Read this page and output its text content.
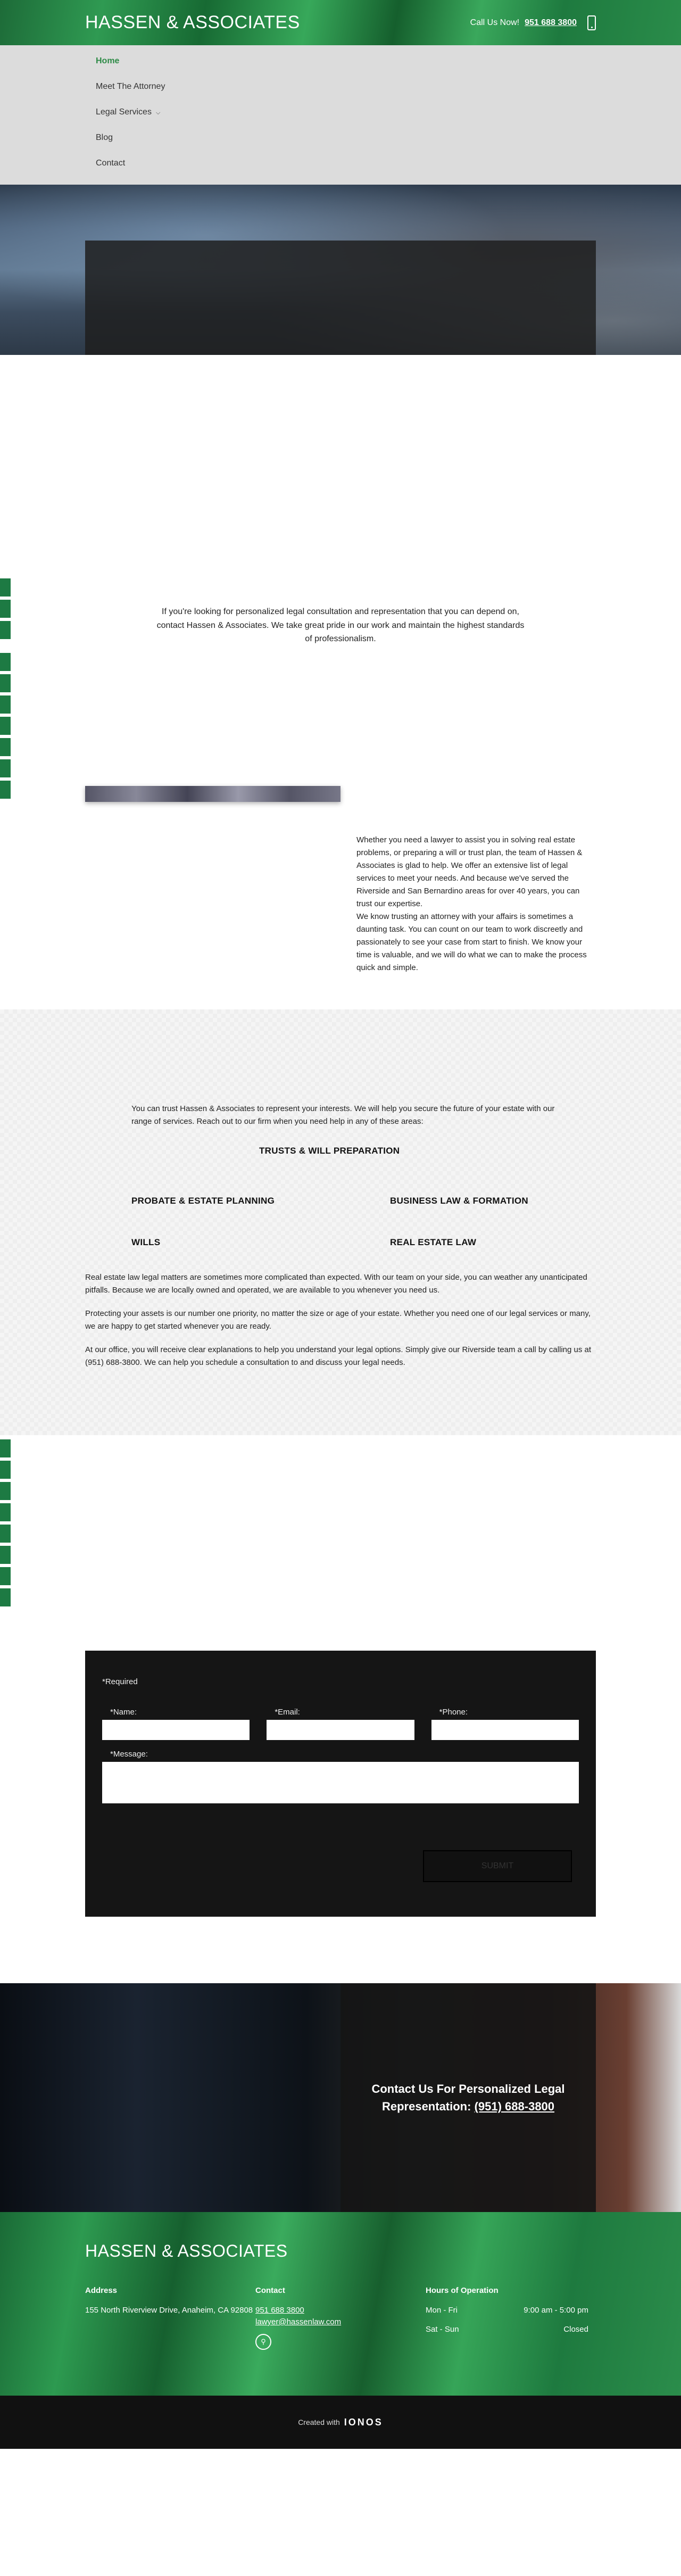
HASSEN & ASSOCIATES	Call Us Now! 951 688 3800
Home
Meet The Attorney
Legal Services ⌵
Blog
Contact

If you're looking for personalized legal consultation and representation that you can depend on, contact Hassen & Associates. We take great pride in our work and maintain the highest standards of professionalism.

Whether you need a lawyer to assist you in solving real estate problems, or preparing a will or trust plan, the team of Hassen & Associates is glad to help. We offer an extensive list of legal services to meet your needs. And because we've served the Riverside and San Bernardino areas for over 40 years, you can trust our expertise.

We know trusting an attorney with your affairs is sometimes a daunting task. You can count on our team to work discreetly and passionately to see your case from start to finish. We know your time is valuable, and we will do what we can to make the process quick and simple.

You can trust Hassen & Associates to represent your interests. We will help you secure the future of your estate with our range of services. Reach out to our firm when you need help in any of these areas:

TRUSTS & WILL PREPARATION
PROBATE & ESTATE PLANNING	BUSINESS LAW & FORMATION
WILLS	REAL ESTATE LAW

Real estate law legal matters are sometimes more complicated than expected. With our team on your side, you can weather any unanticipated pitfalls. Because we are locally owned and operated, we are available to you whenever you need us.

Protecting your assets is our number one priority, no matter the size or age of your estate. Whether you need one of our legal services or many, we are happy to get started whenever you are ready.

At our office, you will receive clear explanations to help you understand your legal options. Simply give our Riverside team a call by calling us at (951) 688-3800. We can help you schedule a consultation to and discuss your legal needs.

*Required
*Name:	*Email:	*Phone:
*Message:
SUBMIT
Contact Us For Personalized Legal Representation: (951) 688-3800
HASSEN & ASSOCIATES
Address
155 North Riverview Drive, Anaheim, CA 92808
Contact
951 688 3800
lawyer@hassenlaw.com
⚲
Hours of Operation
Mon - Fri	9:00 am - 5:00 pm
Sat - Sun	Closed
Created with IONOS
